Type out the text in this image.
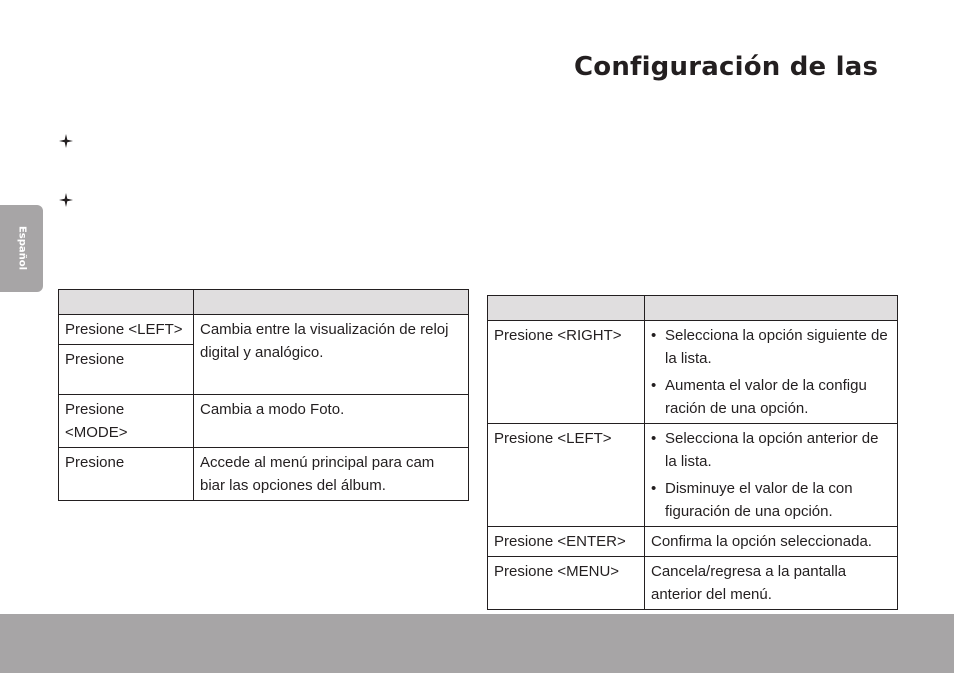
Configuración de las
Español

Presione <LEFT>	Cambia entre la visualización de reloj digital y analógico.
Presione	
Presione <MODE>	Cambia a modo Foto.
Presione	Accede al menú principal para cam biar las opciones del álbum.

Presione <RIGHT>	• Selecciona la opción siguiente de la lista.
• Aumenta el valor de la configu ración de una opción.

Presione <LEFT>	• Selecciona la opción anterior de la lista.
• Disminuye el valor de la con figuración de una opción.

Presione <ENTER>	Confirma la opción seleccionada.
Presione <MENU>	Cancela/regresa a la pantalla anterior del menú.
